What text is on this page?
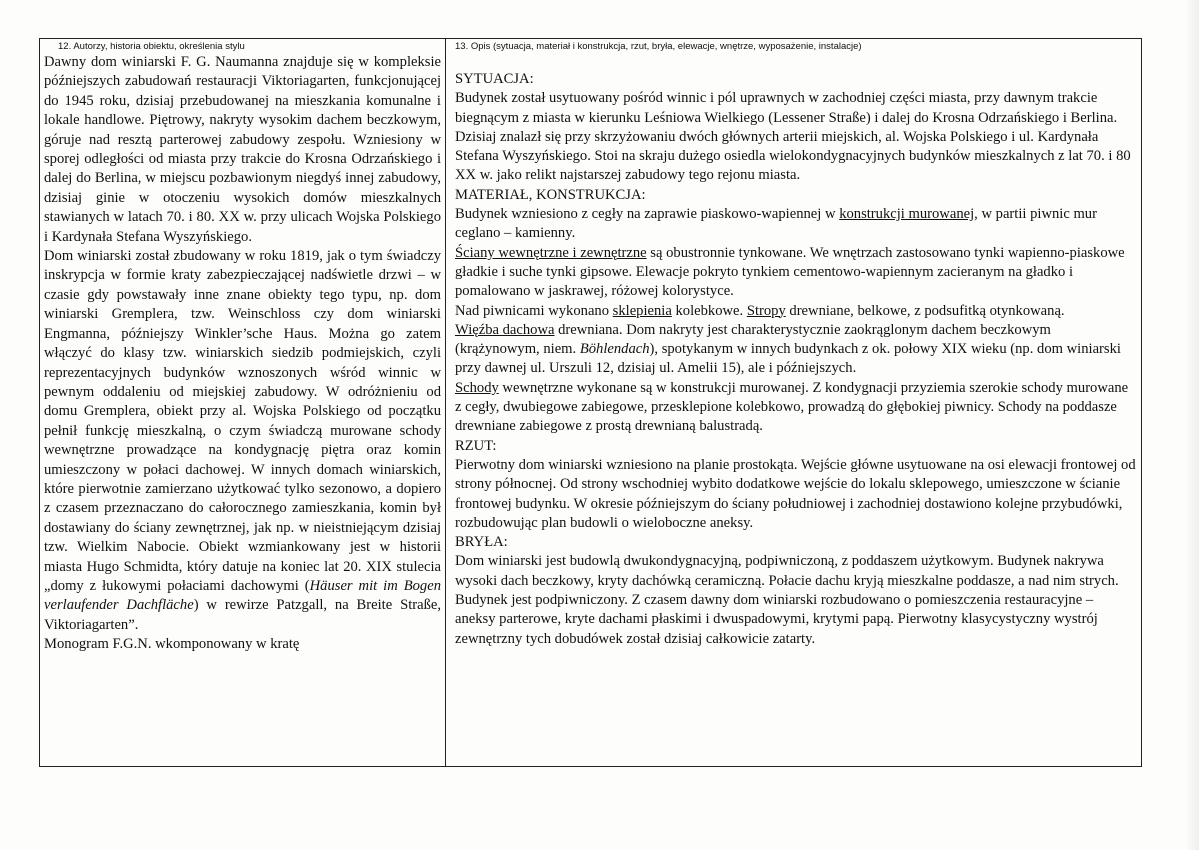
12. Autorzy, historia obiektu, określenia stylu

Dawny dom winiarski F. G. Naumanna znajduje się w kompleksie późniejszych zabudowań restauracji Viktoriagarten, funkcjonującej do 1945 roku, dzisiaj przebudowanej na mieszkania komunalne i lokale handlowe. Piętrowy, nakryty wysokim dachem beczkowym, góruje nad resztą parterowej zabudowy zespołu. Wzniesiony w sporej odległości od miasta przy trakcie do Krosna Odrzańskiego i dalej do Berlina, w miejscu pozbawionym niegdyś innej zabudowy, dzisiaj ginie w otoczeniu wysokich domów mieszkalnych stawianych w latach 70. i 80. XX w. przy ulicach Wojska Polskiego i Kardynała Stefana Wyszyńskiego.

Dom winiarski został zbudowany w roku 1819, jak o tym świadczy inskrypcja w formie kraty zabezpieczającej nadświetle drzwi – w czasie gdy powstawały inne znane obiekty tego typu, np. dom winiarski Gremplera, tzw. Weinschloss czy dom winiarski Engmanna, późniejszy Winkler’sche Haus. Można go zatem włączyć do klasy tzw. winiarskich siedzib podmiejskich, czyli reprezentacyjnych budynków wznoszonych wśród winnic w pewnym oddaleniu od miejskiej zabudowy. W odróżnieniu od domu Gremplera, obiekt przy al. Wojska Polskiego od początku pełnił funkcję mieszkalną, o czym świadczą murowane schody wewnętrzne prowadzące na kondygnację piętra oraz komin umieszczony w połaci dachowej. W innych domach winiarskich, które pierwotnie zamierzano użytkować tylko sezonowo, a dopiero z czasem przeznaczano do całorocznego zamieszkania, komin był dostawiany do ściany zewnętrznej, jak np. w nieistniejącym dzisiaj tzw. Wielkim Nabocie. Obiekt wzmiankowany jest w historii miasta Hugo Schmidta, który datuje na koniec lat 20. XIX stulecia „domy z łukowymi połaciami dachowymi (Häuser mit im Bogen verlaufender Dachfläche) w rewirze Patzgall, na Breite Straße, Viktoriagarten”.

Monogram F.G.N. wkomponowany w kratę

13. Opis (sytuacja, materiał i konstrukcja, rzut, bryła, elewacje, wnętrze, wyposażenie, instalacje)

SYTUACJA:

Budynek został usytuowany pośród winnic i pól uprawnych w zachodniej części miasta, przy dawnym trakcie biegnącym z miasta w kierunku Leśniowa Wielkiego (Lessener Straße) i dalej do Krosna Odrzańskiego i Berlina. Dzisiaj znalazł się przy skrzyżowaniu dwóch głównych arterii miejskich, al. Wojska Polskiego i ul. Kardynała Stefana Wyszyńskiego. Stoi na skraju dużego osiedla wielokondygnacyjnych budynków mieszkalnych z lat 70. i 80 XX w. jako relikt najstarszej zabudowy tego rejonu miasta.

MATERIAŁ, KONSTRUKCJA:

Budynek wzniesiono z cegły na zaprawie piaskowo-wapiennej w konstrukcji murowanej, w partii piwnic mur ceglano – kamienny.

Ściany wewnętrzne i zewnętrzne są obustronnie tynkowane. We wnętrzach zastosowano tynki wapienno-piaskowe gładkie i suche tynki gipsowe. Elewacje pokryto tynkiem cementowo-wapiennym zacieranym na gładko i pomalowano w jaskrawej, różowej kolorystyce.

Nad piwnicami wykonano sklepienia kolebkowe. Stropy drewniane, belkowe, z podsufitką otynkowaną.

Więźba dachowa drewniana. Dom nakryty jest charakterystycznie zaokrąglonym dachem beczkowym (krążynowym, niem. Böhlendach), spotykanym w innych budynkach z ok. połowy XIX wieku (np. dom winiarski przy dawnej ul. Urszuli 12, dzisiaj ul. Amelii 15), ale i późniejszych.

Schody wewnętrzne wykonane są w konstrukcji murowanej. Z kondygnacji przyziemia szerokie schody murowane z cegły, dwubiegowe zabiegowe, przesklepione kolebkowo, prowadzą do głębokiej piwnicy. Schody na poddasze drewniane zabiegowe z prostą drewnianą balustradą.

RZUT:

Pierwotny dom winiarski wzniesiono na planie prostokąta. Wejście główne usytuowane na osi elewacji frontowej od strony północnej. Od strony wschodniej wybito dodatkowe wejście do lokalu sklepowego, umieszczone w ścianie frontowej budynku. W okresie późniejszym do ściany południowej i zachodniej dostawiono kolejne przybudówki, rozbudowując plan budowli o wieloboczne aneksy.

BRYŁA:

Dom winiarski jest budowlą dwukondygnacyjną, podpiwniczoną, z poddaszem użytkowym. Budynek nakrywa wysoki dach beczkowy, kryty dachówką ceramiczną. Połacie dachu kryją mieszkalne poddasze, a nad nim strych. Budynek jest podpiwniczony. Z czasem dawny dom winiarski rozbudowano o pomieszczenia restauracyjne – aneksy parterowe, kryte dachami płaskimi i dwuspadowymi, krytymi papą. Pierwotny klasycystyczny wystrój zewnętrzny tych dobudówek został dzisiaj całkowicie zatarty.
